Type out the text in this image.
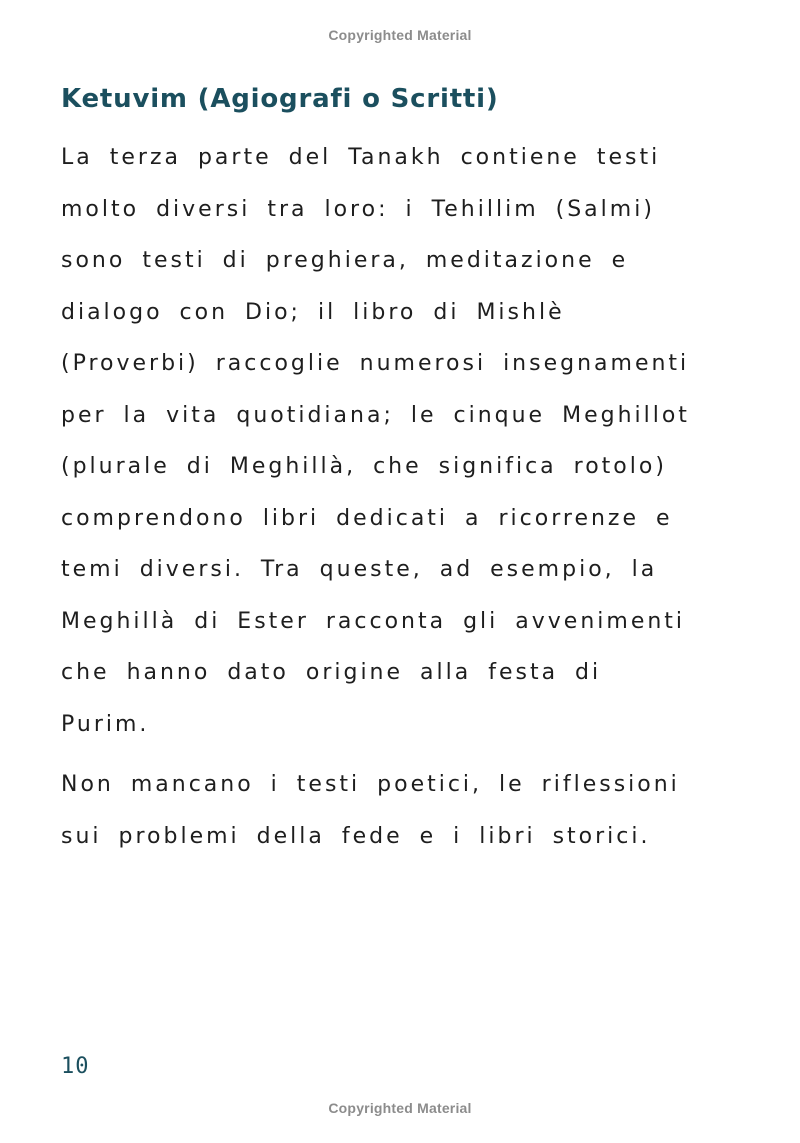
Copyrighted Material
Ketuvim (Agiografi o Scritti)

La terza parte del Tanakh contiene testi
molto diversi tra loro: i Tehillim (Salmi)
sono testi di preghiera, meditazione e
dialogo con Dio; il libro di Mishlè
(Proverbi) raccoglie numerosi insegnamenti
per la vita quotidiana; le cinque Meghillot
(plurale di Meghillà, che significa rotolo)
comprendono libri dedicati a ricorrenze e
temi diversi. Tra queste, ad esempio, la
Meghillà di Ester racconta gli avvenimenti
che hanno dato origine alla festa di
Purim.

Non mancano i testi poetici, le riflessioni
sui problemi della fede e i libri storici.

10
Copyrighted Material
